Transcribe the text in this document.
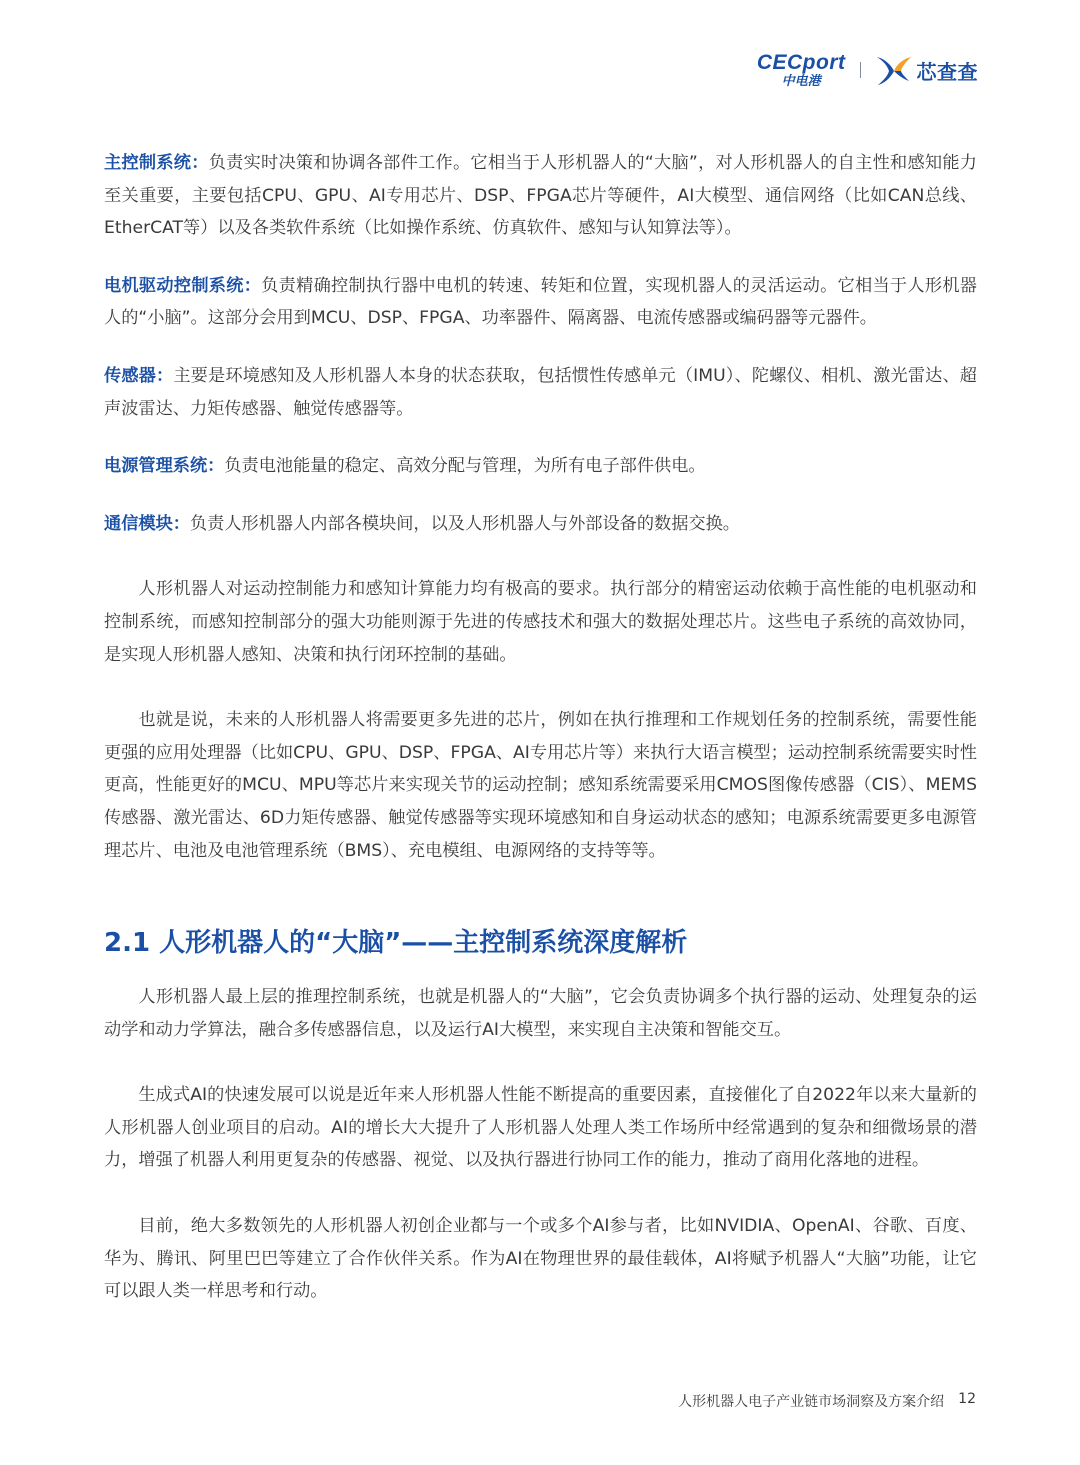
CECport
中电港	芯查查

主控制系统：负责实时决策和协调各部件工作。它相当于人形机器人的“大脑”，对人形机器人的自主性和感知能力至关重要，主要包括CPU、GPU、AI专用芯片、DSP、FPGA芯片等硬件，AI大模型、通信网络（比如CAN总线、EtherCAT等）以及各类软件系统（比如操作系统、仿真软件、感知与认知算法等）。

电机驱动控制系统：负责精确控制执行器中电机的转速、转矩和位置，实现机器人的灵活运动。它相当于人形机器人的“小脑”。这部分会用到MCU、DSP、FPGA、功率器件、隔离器、电流传感器或编码器等元器件。

传感器：主要是环境感知及人形机器人本身的状态获取，包括惯性传感单元（IMU）、陀螺仪、相机、激光雷达、超声波雷达、力矩传感器、触觉传感器等。

电源管理系统：负责电池能量的稳定、高效分配与管理，为所有电子部件供电。

通信模块：负责人形机器人内部各模块间，以及人形机器人与外部设备的数据交换。

人形机器人对运动控制能力和感知计算能力均有极高的要求。执行部分的精密运动依赖于高性能的电机驱动和控制系统，而感知控制部分的强大功能则源于先进的传感技术和强大的数据处理芯片。这些电子系统的高效协同，是实现人形机器人感知、决策和执行闭环控制的基础。

也就是说，未来的人形机器人将需要更多先进的芯片，例如在执行推理和工作规划任务的控制系统，需要性能更强的应用处理器（比如CPU、GPU、DSP、FPGA、AI专用芯片等）来执行大语言模型；运动控制系统需要实时性更高，性能更好的MCU、MPU等芯片来实现关节的运动控制；感知系统需要采用CMOS图像传感器（CIS）、MEMS传感器、激光雷达、6D力矩传感器、触觉传感器等实现环境感知和自身运动状态的感知；电源系统需要更多电源管理芯片、电池及电池管理系统（BMS）、充电模组、电源网络的支持等等。

2.1 人形机器人的“大脑”——主控制系统深度解析

人形机器人最上层的推理控制系统，也就是机器人的“大脑”，它会负责协调多个执行器的运动、处理复杂的运动学和动力学算法，融合多传感器信息，以及运行AI大模型，来实现自主决策和智能交互。

生成式AI的快速发展可以说是近年来人形机器人性能不断提高的重要因素，直接催化了自2022年以来大量新的人形机器人创业项目的启动。AI的增长大大提升了人形机器人处理人类工作场所中经常遇到的复杂和细微场景的潜力，增强了机器人利用更复杂的传感器、视觉、以及执行器进行协同工作的能力，推动了商用化落地的进程。

目前，绝大多数领先的人形机器人初创企业都与一个或多个AI参与者，比如NVIDIA、OpenAI、谷歌、百度、华为、腾讯、阿里巴巴等建立了合作伙伴关系。作为AI在物理世界的最佳载体，AI将赋予机器人“大脑”功能，让它可以跟人类一样思考和行动。

人形机器人电子产业链市场洞察及方案介绍 12
